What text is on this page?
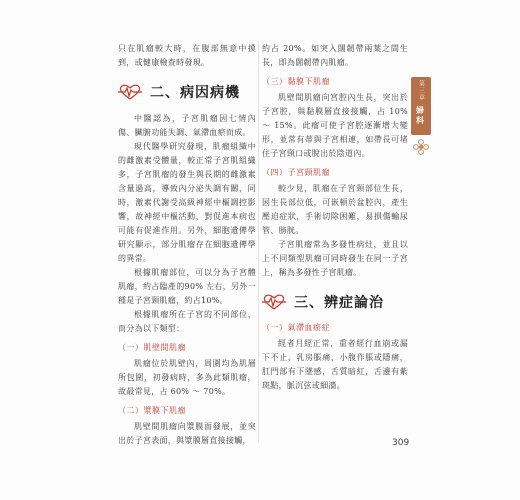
只在肌瘤較大時，在腹部無意中摸到，或健康檢查時發現。

二、病因病機

中醫認為，子宮肌瘤因七情內傷、臟腑功能失調、氣滯血瘀而成。

現代醫學研究發現，肌瘤組織中的雌激素受體量，較正常子宮肌組織多，子宮肌瘤的發生與長期的雌激素含量過高，導致內分泌失調有關，同時，激素代謝受高級神經中樞調控影響，故神經中樞活動，對促進本病也可能有促進作用。另外，細胞遺傳學研究顯示，部分肌瘤存在細胞遺傳學的異常。

根據肌瘤部位，可以分為子宮體肌瘤，約占臨產的90% 左右，另外一種是子宮頸肌瘤，約占10%。

根據肌瘤所在子宮的不同部位，而分為以下類型：

（一）肌壁間肌瘤

肌瘤位於肌壁內，周圍均為肌層所包圍，初發病時，多為此類肌瘤，故最常見，占 60% ～ 70%。

（二）漿膜下肌瘤

肌壁間肌瘤向漿膜面發展，並突出於子宮表面，與漿膜層直接接觸，

約占 20%。如突入闊韌帶兩葉之間生長，即為闊韌帶內肌瘤。

（三）黏膜下肌瘤

肌壁間肌瘤向宮腔內生長，突出於子宮腔，與黏膜層直接接觸，占 10% ～ 15%。此瘤可使子宮腔逐漸增大變形，並常有蒂與子宮相連，如帶長可堵住子宮頸口或脫出於陰道內。

（四）子宮頸肌瘤

較少見，肌瘤在子宮頸部位生長，因生長部位低，可嵌頓於盆腔內，產生壓迫症狀，手術切除困難，易損傷輸尿管、膀胱。

子宮肌瘤常為多發性病灶，並且以上不同類型肌瘤可同時發生在同一子宮上，稱為多發性子宮肌瘤。

三、辨症論治
（一）氣滯血瘀症

經者月經正常，重者經行血崩或漏下不止，乳房脹痛，小腹作脹或隱痛，肛門部有下墜感，舌質暗紅，舌邊有紫斑點，脈沉弦或細濇。

第三章
婦科
309
